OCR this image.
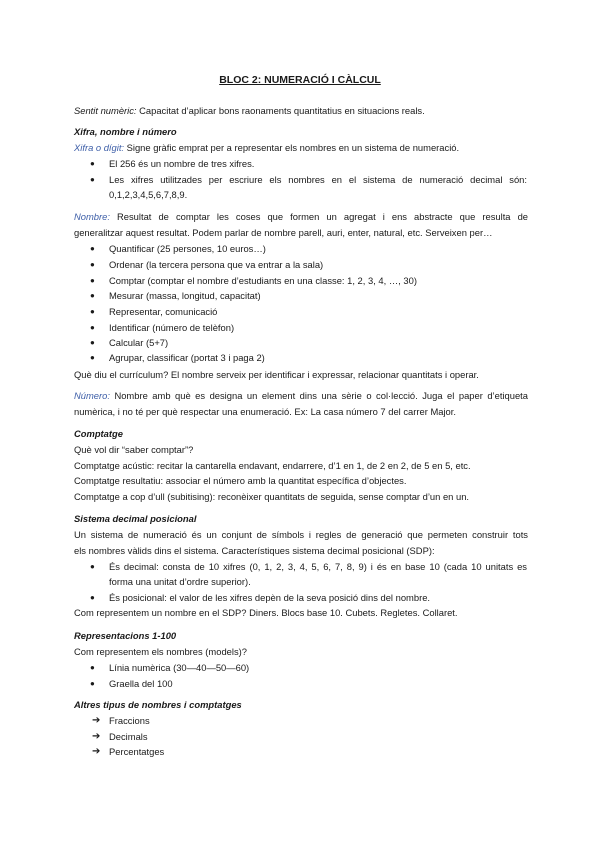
BLOC 2: NUMERACIÓ I CÀLCUL
Sentit numèric: Capacitat d’aplicar bons raonaments quantitatius en situacions reals.
Xifra, nombre i número
Xifra o dígit: Signe gràfic emprat per a representar els nombres en un sistema de numeració.
● El 256 és un nombre de tres xifres.
● Les xifres utilitzades per escriure els nombres en el sistema de numeració decimal són:
0,1,2,3,4,5,6,7,8,9.
Nombre: Resultat de comptar les coses que formen un agregat i ens abstracte que resulta de
generalitzar aquest resultat. Podem parlar de nombre parell, auri, enter, natural, etc. Serveixen per…
● Quantificar (25 persones, 10 euros…)
● Ordenar (la tercera persona que va entrar a la sala)
● Comptar (comptar el nombre d’estudiants en una classe: 1, 2, 3, 4, …, 30)
● Mesurar (massa, longitud, capacitat)
● Representar, comunicació
● Identificar (número de telèfon)
● Calcular (5+7)
● Agrupar, classificar (portat 3 i paga 2)
Què diu el currículum? El nombre serveix per identificar i expressar, relacionar quantitats i operar.
Número: Nombre amb què es designa un element dins una sèrie o col·lecció. Juga el paper d’etiqueta
numèrica, i no té per què respectar una enumeració. Ex: La casa número 7 del carrer Major.
Comptatge
Què vol dir “saber comptar”?
Comptatge acústic: recitar la cantarella endavant, endarrere, d’1 en 1, de 2 en 2, de 5 en 5, etc.
Comptatge resultatiu: associar el número amb la quantitat específica d’objectes.
Comptatge a cop d’ull (subitising): reconèixer quantitats de seguida, sense comptar d’un en un.
Sistema decimal posicional
Un sistema de numeració és un conjunt de símbols i regles de generació que permeten construir tots
els nombres vàlids dins el sistema. Característiques sistema decimal posicional (SDP):
● És decimal: consta de 10 xifres (0, 1, 2, 3, 4, 5, 6, 7, 8, 9) i és en base 10 (cada 10 unitats es
forma una unitat d’ordre superior).
● És posicional: el valor de les xifres depèn de la seva posició dins del nombre.
Com representem un nombre en el SDP? Diners. Blocs base 10. Cubets. Regletes. Collaret.
Representacions 1-100
Com representem els nombres (models)?
● Línia numèrica (30—40—50—60)
● Graella del 100
Altres tipus de nombres i comptatges
➔ Fraccions
➔ Decimals
➔ Percentatges
